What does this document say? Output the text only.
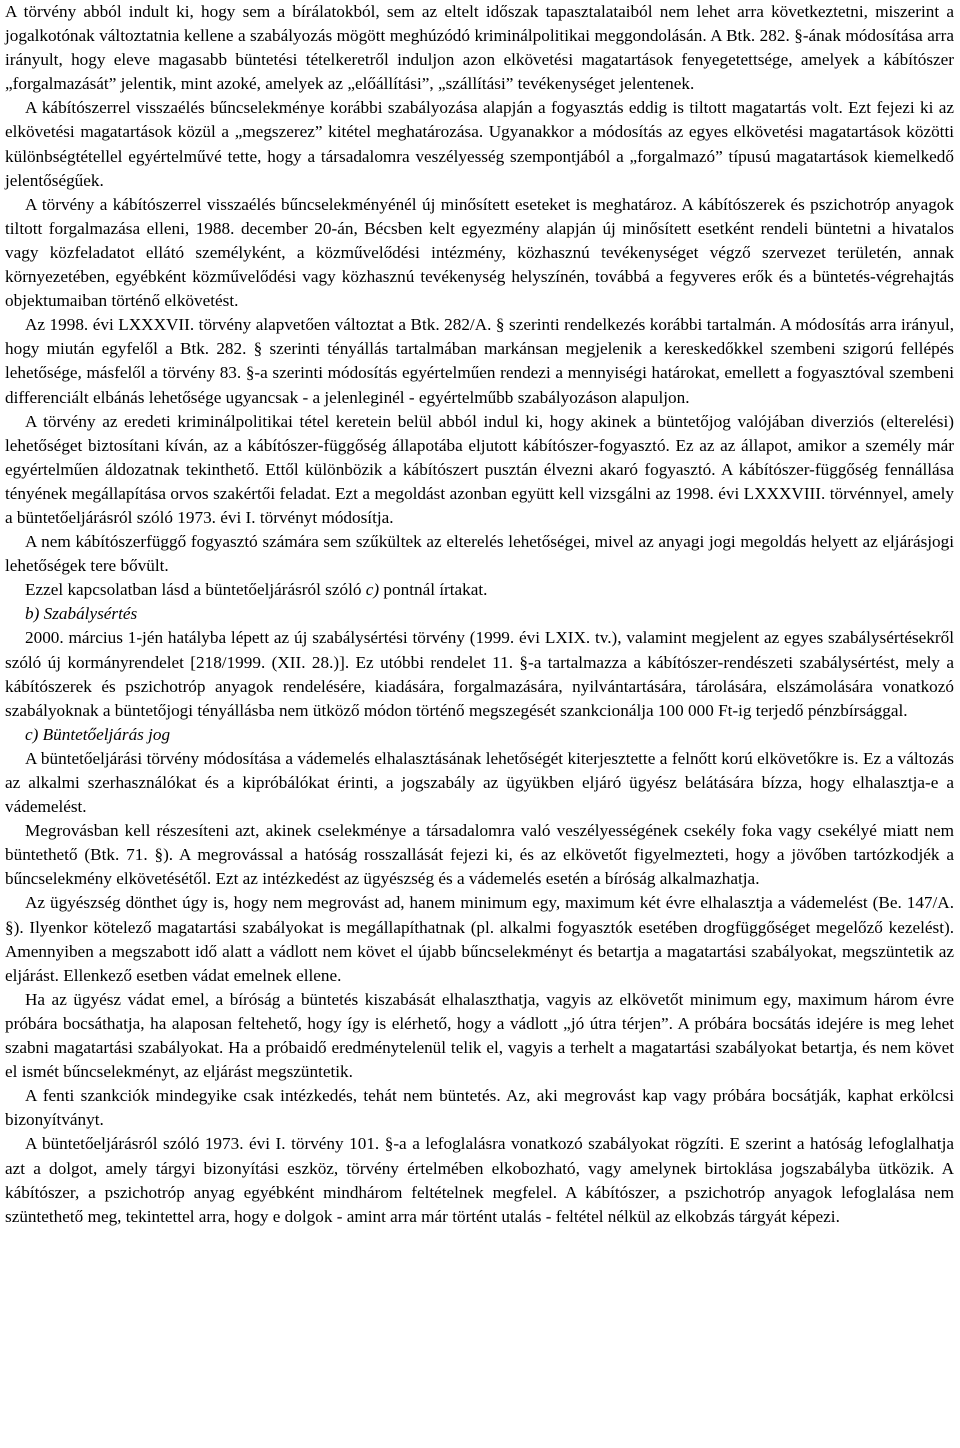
A törvény abból indult ki, hogy sem a bírálatokból, sem az eltelt időszak tapasztalataiból nem lehet arra következtetni, miszerint a jogalkotónak változtatnia kellene a szabályozás mögött meghúzódó kriminálpolitikai meggondolásán. A Btk. 282. §-ának módosítása arra irányult, hogy eleve magasabb büntetési tételkeretről induljon azon elkövetési magatartások fenyegetettsége, amelyek a kábítószer „forgalmazását” jelentik, mint azoké, amelyek az „előállítási”, „szállítási” tevékenységet jelentenek.

A kábítószerrel visszaélés bűncselekménye korábbi szabályozása alapján a fogyasztás eddig is tiltott magatartás volt. Ezt fejezi ki az elkövetési magatartások közül a „megszerez” kitétel meghatározása. Ugyanakkor a módosítás az egyes elkövetési magatartások közötti különbségtétellel egyértelművé tette, hogy a társadalomra veszélyesség szempontjából a „forgalmazó” típusú magatartások kiemelkedő jelentőségűek.

A törvény a kábítószerrel visszaélés bűncselekményénél új minősített eseteket is meghatároz. A kábítószerek és pszichotróp anyagok tiltott forgalmazása elleni, 1988. december 20-án, Bécsben kelt egyezmény alapján új minősített esetként rendeli büntetni a hivatalos vagy közfeladatot ellátó személyként, a közművelődési intézmény, közhasznú tevékenységet végző szervezet területén, annak környezetében, egyébként közművelődési vagy közhasznú tevékenység helyszínén, továbbá a fegyveres erők és a büntetés-végrehajtás objektumaiban történő elkövetést.

Az 1998. évi LXXXVII. törvény alapvetően változtat a Btk. 282/A. § szerinti rendelkezés korábbi tartalmán. A módosítás arra irányul, hogy miután egyfelől a Btk. 282. § szerinti tényállás tartalmában markánsan megjelenik a kereskedőkkel szembeni szigorú fellépés lehetősége, másfelől a törvény 83. §-a szerinti módosítás egyértelműen rendezi a mennyiségi határokat, emellett a fogyasztóval szembeni differenciált elbánás lehetősége ugyancsak - a jelenleginél - egyértelműbb szabályozáson alapuljon.

A törvény az eredeti kriminálpolitikai tétel keretein belül abból indul ki, hogy akinek a büntetőjog valójában diverziós (elterelési) lehetőséget biztosítani kíván, az a kábítószer-függőség állapotába eljutott kábítószer-fogyasztó. Ez az az állapot, amikor a személy már egyértelműen áldozatnak tekinthető. Ettől különbözik a kábítószert pusztán élvezni akaró fogyasztó. A kábítószer-függőség fennállása tényének megállapítása orvos szakértői feladat. Ezt a megoldást azonban együtt kell vizsgálni az 1998. évi LXXXVIII. törvénnyel, amely a büntetőeljárásról szóló 1973. évi I. törvényt módosítja.

A nem kábítószerfüggő fogyasztó számára sem szűkültek az elterelés lehetőségei, mivel az anyagi jogi megoldás helyett az eljárásjogi lehetőségek tere bővült.

Ezzel kapcsolatban lásd a büntetőeljárásról szóló c) pontnál írtakat.

b) Szabálysértés

2000. március 1-jén hatályba lépett az új szabálysértési törvény (1999. évi LXIX. tv.), valamint megjelent az egyes szabálysértésekről szóló új kormányrendelet [218/1999. (XII. 28.)]. Ez utóbbi rendelet 11. §-a tartalmazza a kábítószer-rendészeti szabálysértést, mely a kábítószerek és pszichotróp anyagok rendelésére, kiadására, forgalmazására, nyilvántartására, tárolására, elszámolására vonatkozó szabályoknak a büntetőjogi tényállásba nem ütköző módon történő megszegését szankcionálja 100 000 Ft-ig terjedő pénzbírsággal.

c) Büntetőeljárás jog

A büntetőeljárási törvény módosítása a vádemelés elhalasztásának lehetőségét kiterjesztette a felnőtt korú elkövetőkre is. Ez a változás az alkalmi szerhasználókat és a kipróbálókat érinti, a jogszabály az ügyükben eljáró ügyész belátására bízza, hogy elhalasztja-e a vádemelést.

Megrovásban kell részesíteni azt, akinek cselekménye a társadalomra való veszélyességének csekély foka vagy csekélyé miatt nem büntethető (Btk. 71. §). A megrovással a hatóság rosszallását fejezi ki, és az elkövetőt figyelmezteti, hogy a jövőben tartózkodjék a bűncselekmény elkövetésétől. Ezt az intézkedést az ügyészség és a vádemelés esetén a bíróság alkalmazhatja.

Az ügyészség dönthet úgy is, hogy nem megrovást ad, hanem minimum egy, maximum két évre elhalasztja a vádemelést (Be. 147/A. §). Ilyenkor kötelező magatartási szabályokat is megállapíthatnak (pl. alkalmi fogyasztók esetében drogfüggőséget megelőző kezelést). Amennyiben a megszabott idő alatt a vádlott nem követ el újabb bűncselekményt és betartja a magatartási szabályokat, megszüntetik az eljárást. Ellenkező esetben vádat emelnek ellene.

Ha az ügyész vádat emel, a bíróság a büntetés kiszabását elhalaszthatja, vagyis az elkövetőt minimum egy, maximum három évre próbára bocsáthatja, ha alaposan feltehető, hogy így is elérhető, hogy a vádlott „jó útra térjen”. A próbára bocsátás idejére is meg lehet szabni magatartási szabályokat. Ha a próbaidő eredménytelenül telik el, vagyis a terhelt a magatartási szabályokat betartja, és nem követ el ismét bűncselekményt, az eljárást megszüntetik.

A fenti szankciók mindegyike csak intézkedés, tehát nem büntetés. Az, aki megrovást kap vagy próbára bocsátják, kaphat erkölcsi bizonyítványt.

A büntetőeljárásról szóló 1973. évi I. törvény 101. §-a a lefoglalásra vonatkozó szabályokat rögzíti. E szerint a hatóság lefoglalhatja azt a dolgot, amely tárgyi bizonyítási eszköz, törvény értelmében elkobozható, vagy amelynek birtoklása jogszabályba ütközik. A kábítószer, a pszichotróp anyag egyébként mindhárom feltételnek megfelel. A kábítószer, a pszichotróp anyagok lefoglalása nem szüntethető meg, tekintettel arra, hogy e dolgok - amint arra már történt utalás - feltétel nélkül az elkobzás tárgyát képezi.
